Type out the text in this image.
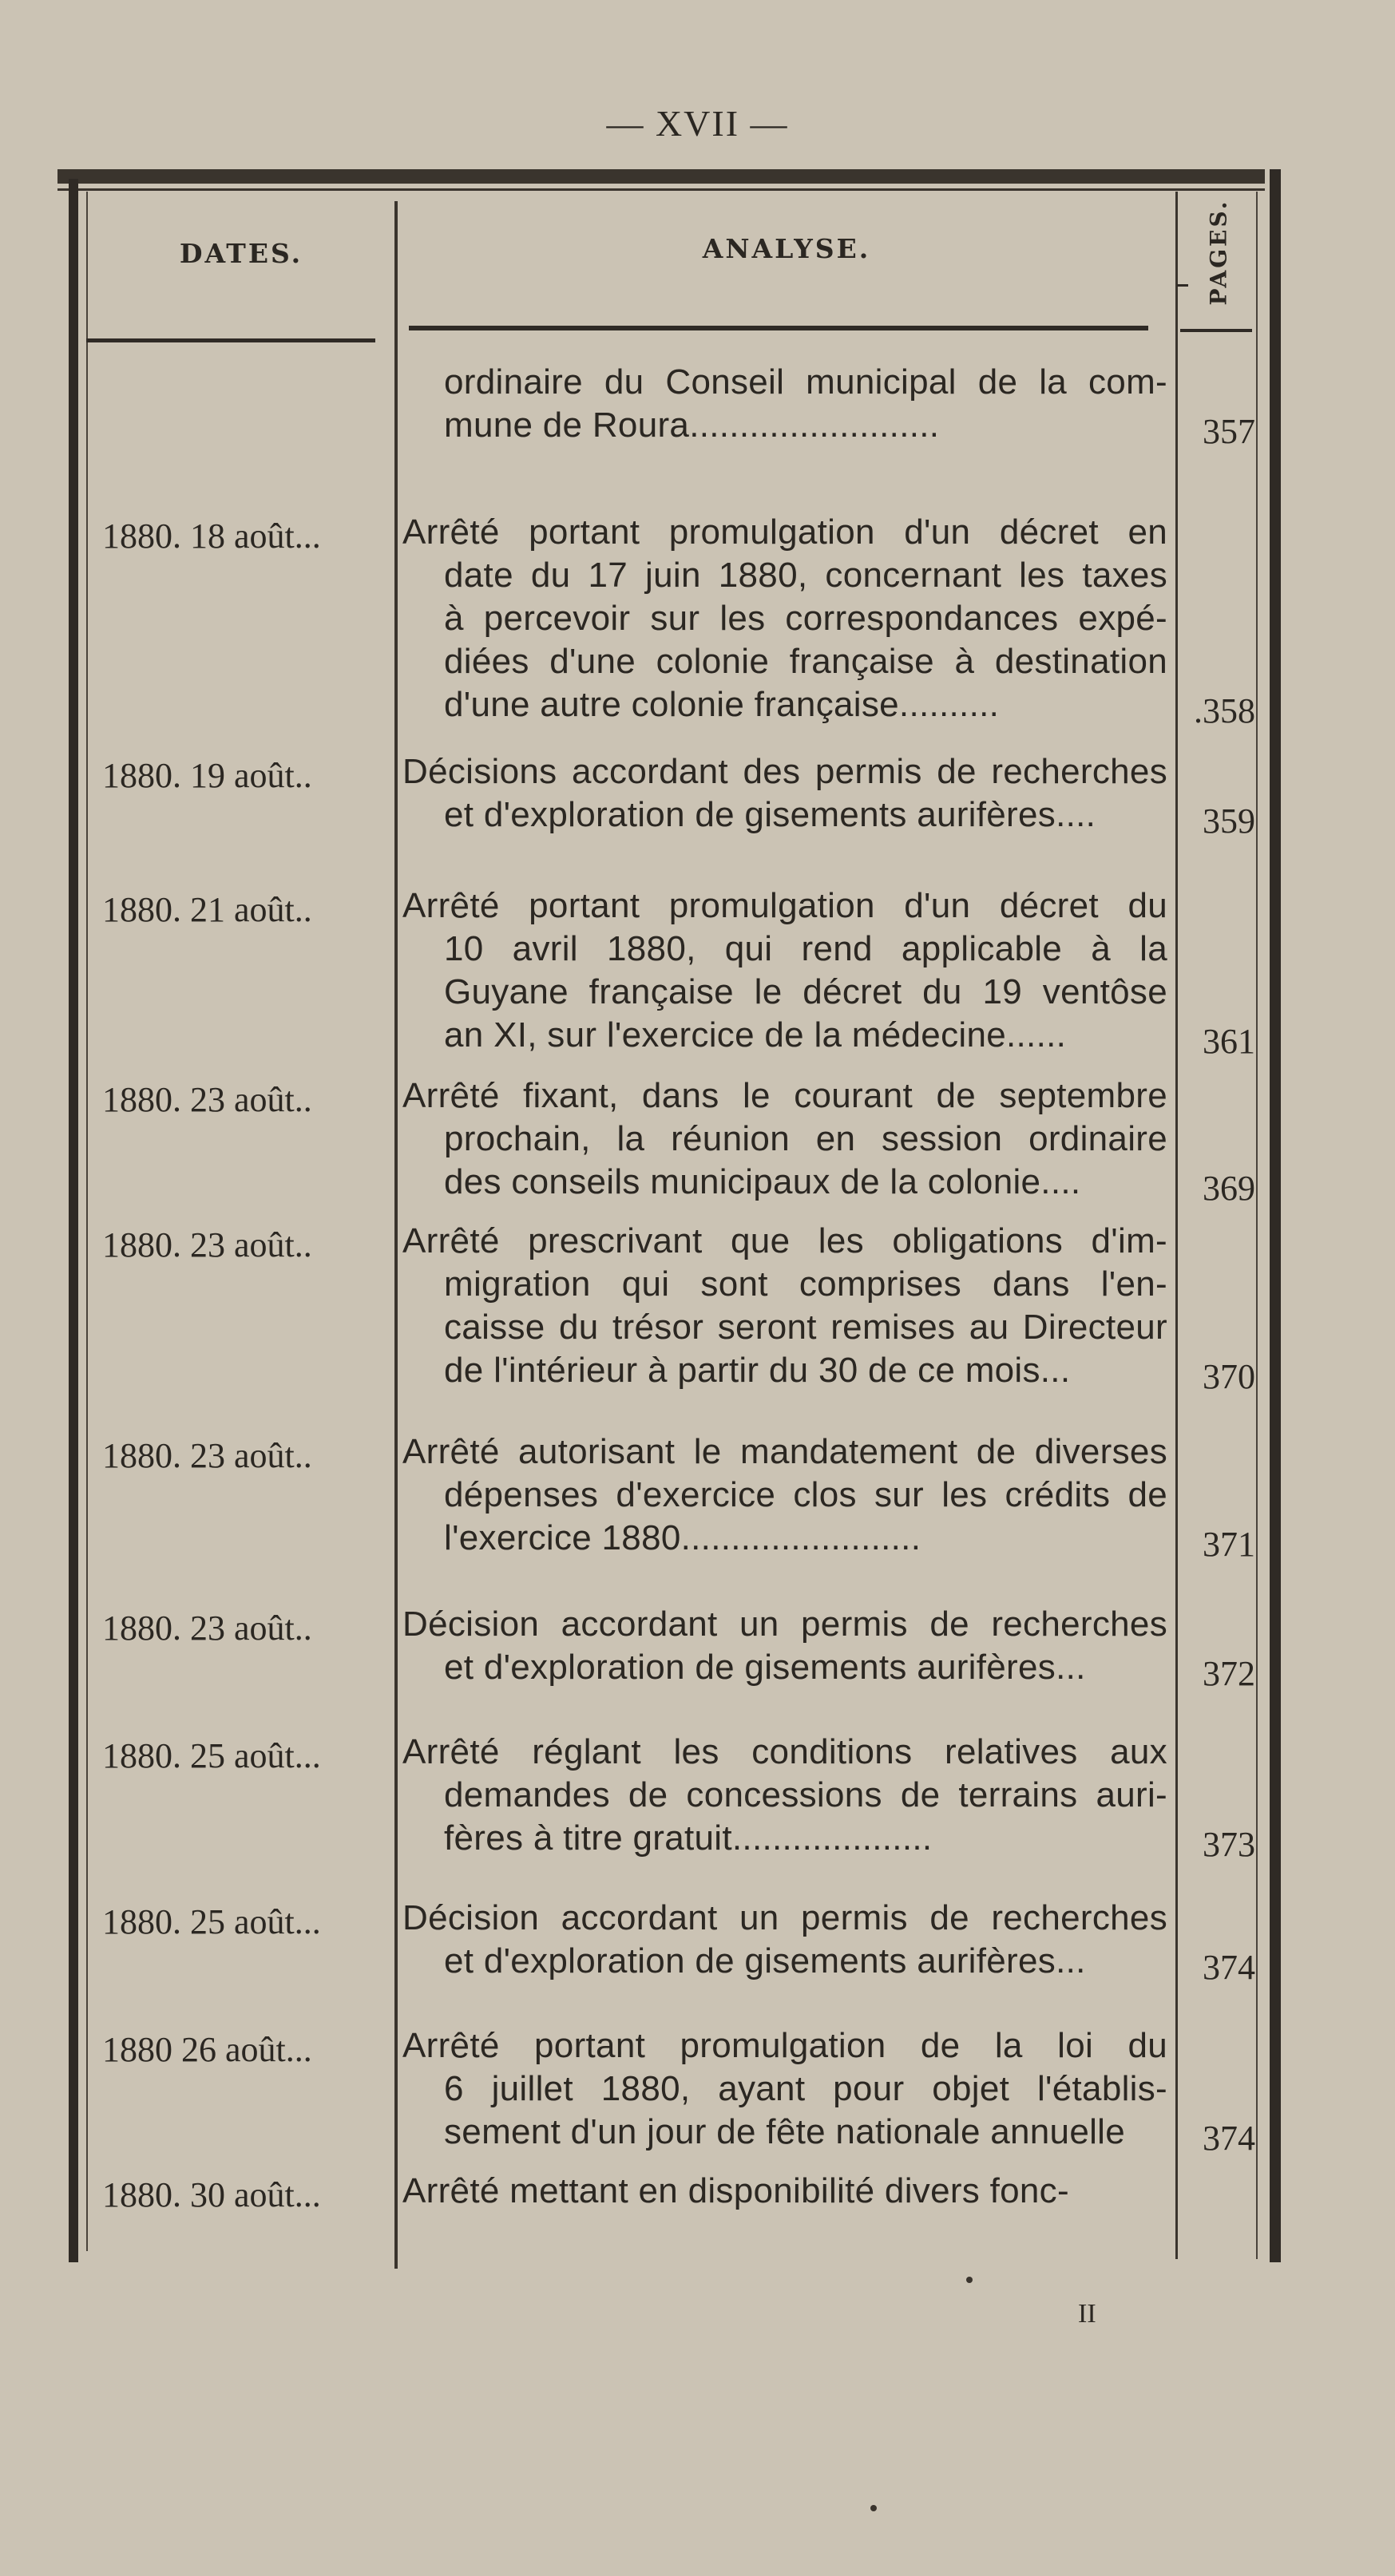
— XVII —
DATES.	ANALYSE.	PAGES.
ordinaire du Conseil municipal de la com-
mune de Roura.........................	357
1880. 18 août...	Arrêté portant promulgation d'un décret en
date du 17 juin 1880, concernant les taxes
à percevoir sur les correspondances expé-
diées d'une colonie française à destination
d'une autre colonie française..........	.358
1880. 19 août..	Décisions accordant des permis de recherches
et d'exploration de gisements aurifères....	359
1880. 21 août..	Arrêté portant promulgation d'un décret du
10 avril 1880, qui rend applicable à la
Guyane française le décret du 19 ventôse
an XI, sur l'exercice de la médecine......	361
1880. 23 août..	Arrêté fixant, dans le courant de septembre
prochain, la réunion en session ordinaire
des conseils municipaux de la colonie....	369
1880. 23 août..	Arrêté prescrivant que les obligations d'im-
migration qui sont comprises dans l'en-
caisse du trésor seront remises au Directeur
de l'intérieur à partir du 30 de ce mois...	370
1880. 23 août..	Arrêté autorisant le mandatement de diverses
dépenses d'exercice clos sur les crédits de
l'exercice 1880........................	371
1880. 23 août..	Décision accordant un permis de recherches
et d'exploration de gisements aurifères...	372
1880. 25 août...	Arrêté réglant les conditions relatives aux
demandes de concessions de terrains auri-
fères à titre gratuit....................	373
1880. 25 août...	Décision accordant un permis de recherches
et d'exploration de gisements aurifères...	374
1880 26 août...	Arrêté portant promulgation de la loi du
6 juillet 1880, ayant pour objet l'établis-
sement d'un jour de fête nationale annuelle	374
1880. 30 août...	Arrêté mettant en disponibilité divers fonc-
II
